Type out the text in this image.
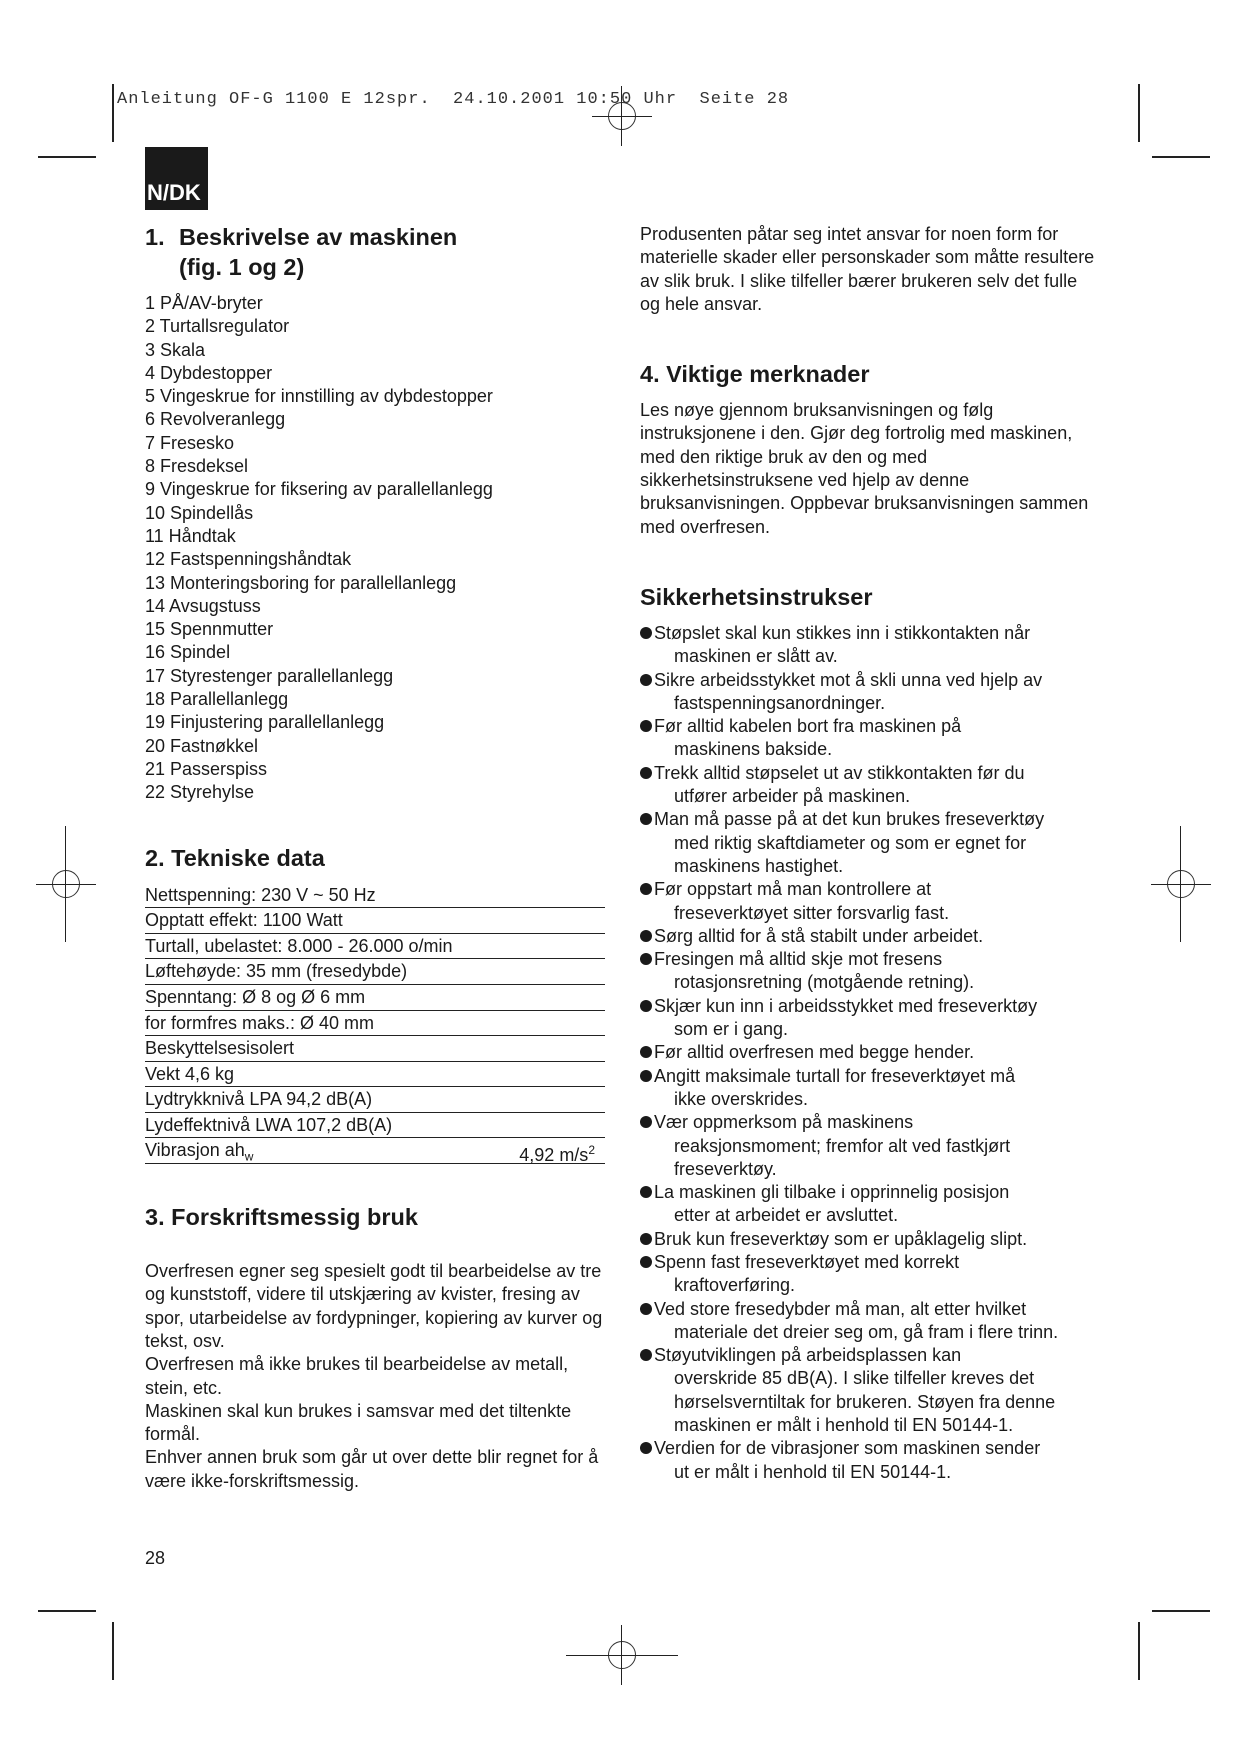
Anleitung OF-G 1100 E 12spr.  24.10.2001 10:50 Uhr  Seite 28
N/DK
1. Beskrivelse av maskinen
(fig. 1 og 2)
1 PÅ/AV-bryter
2 Turtallsregulator
3 Skala
4 Dybdestopper
5 Vingeskrue for innstilling av dybdestopper
6 Revolveranlegg
7 Fresesko
8 Fresdeksel
9 Vingeskrue for fiksering av parallellanlegg
10 Spindellås
11 Håndtak
12 Fastspenningshåndtak
13 Monteringsboring for parallellanlegg
14 Avsugstuss
15 Spennmutter
16 Spindel
17 Styrestenger parallellanlegg
18 Parallellanlegg
19 Finjustering parallellanlegg
20 Fastnøkkel
21 Passerspiss
22 Styrehylse
2. Tekniske data
Nettspenning: 230 V ~ 50 Hz
Opptatt effekt: 1100 Watt
Turtall, ubelastet: 8.000 - 26.000 o/min
Løftehøyde: 35 mm (fresedybde)
Spenntang: Ø 8 og Ø 6 mm
for formfres maks.: Ø 40 mm
Beskyttelsesisolert
Vekt 4,6 kg
Lydtrykknivå LPA 94,2 dB(A)
Lydeffektnivå LWA 107,2 dB(A)
Vibrasjon $ah_w$	4,92 $m/s^2$
3. Forskriftsmessig bruk

Overfresen egner seg spesielt godt til bearbeidelse av tre og kunststoff, videre til utskjæring av kvister, fresing av spor, utarbeidelse av fordypninger, kopiering av kurver og tekst, osv.

Overfresen må ikke brukes til bearbeidelse av metall, stein, etc.

Maskinen skal kun brukes i samsvar med det tiltenkte formål.

Enhver annen bruk som går ut over dette blir regnet for å være ikke-forskriftsmessig.

Produsenten påtar seg intet ansvar for noen form for materielle skader eller personskader som måtte resultere av slik bruk. I slike tilfeller bærer brukeren selv det fulle og hele ansvar.

4. Viktige merknader

Les nøye gjennom bruksanvisningen og følg instruksjonene i den. Gjør deg fortrolig med maskinen, med den riktige bruk av den og med sikkerhetsinstruksene ved hjelp av denne bruksanvisningen. Oppbevar bruksanvisningen sammen med overfresen.

Sikkerhetsinstrukser
Støpslet skal kun stikkes inn i stikkontakten når
maskinen er slått av.
Sikre arbeidsstykket mot å skli unna ved hjelp av
fastspenningsanordninger.
Før alltid kabelen bort fra maskinen på
maskinens bakside.
Trekk alltid støpselet ut av stikkontakten før du
utfører arbeider på maskinen.
Man må passe på at det kun brukes freseverktøy
med riktig skaftdiameter og som er egnet for maskinens hastighet.
Før oppstart må man kontrollere at
freseverktøyet sitter forsvarlig fast.
Sørg alltid for å stå stabilt under arbeidet.
Fresingen må alltid skje mot fresens
rotasjonsretning (motgående retning).
Skjær kun inn i arbeidsstykket med freseverktøy
som er i gang.
Før alltid overfresen med begge hender.
Angitt maksimale turtall for freseverktøyet må
ikke overskrides.
Vær oppmerksom på maskinens
reaksjonsmoment; fremfor alt ved fastkjørt freseverktøy.
La maskinen gli tilbake i opprinnelig posisjon
etter at arbeidet er avsluttet.
Bruk kun freseverktøy som er upåklagelig slipt.
Spenn fast freseverktøyet med korrekt
kraftoverføring.
Ved store fresedybder må man, alt etter hvilket
materiale det dreier seg om, gå fram i flere trinn.
Støyutviklingen på arbeidsplassen kan
overskride 85 dB(A). I slike tilfeller kreves det hørselsverntiltak for brukeren. Støyen fra denne maskinen er målt i henhold til EN 50144-1.
Verdien for de vibrasjoner som maskinen sender
ut er målt i henhold til EN 50144-1.
28
